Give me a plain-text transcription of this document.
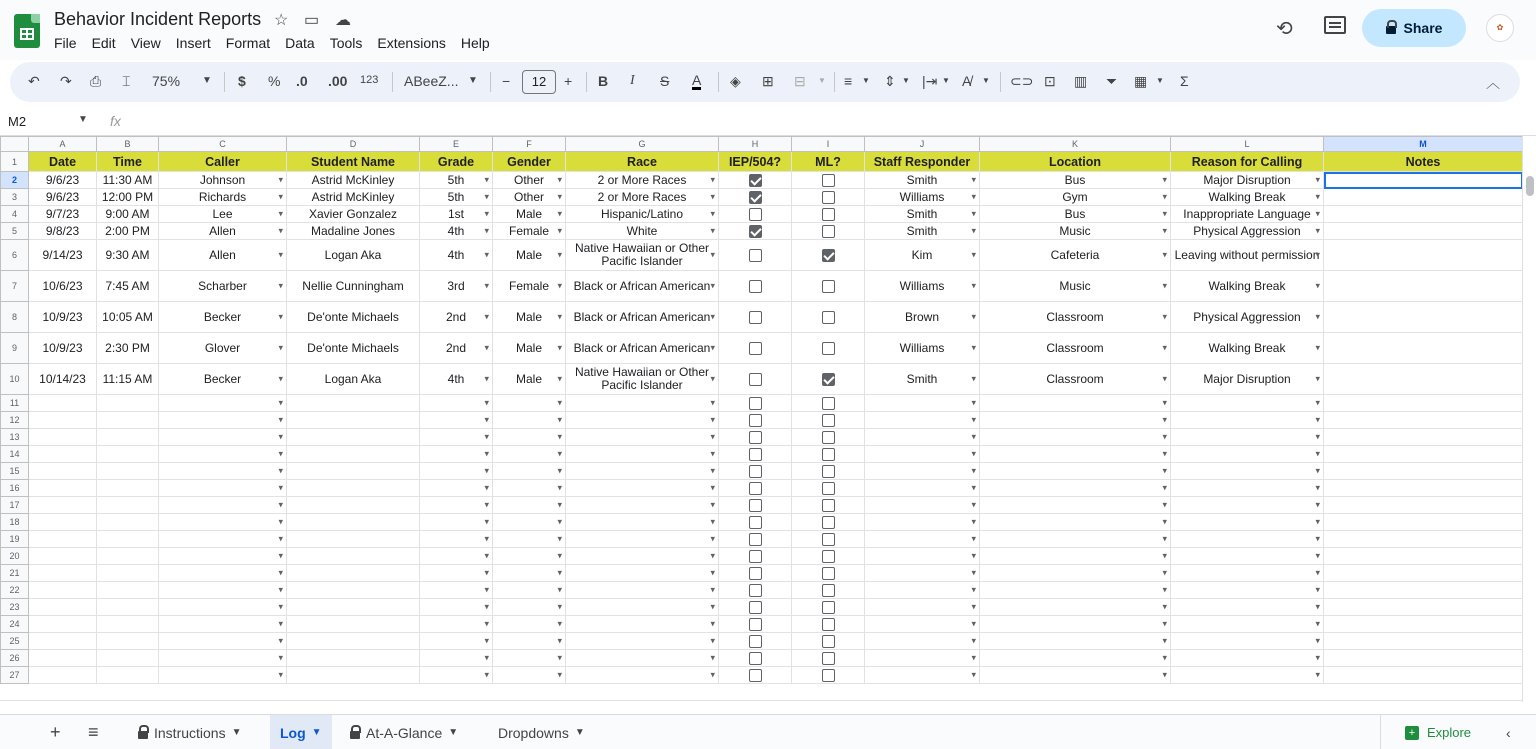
Behavior Incident Reports ☆ ▭ ☁
File	Edit	View	Insert	Format	Data	Tools	Extensions	Help
⟲	Share	✿
↶ ↷ ⎙ ⌶ 75% ▼ $ % .0 .00 123 ABeeZ... ▼ −	12	+ B I S A ◈ ⊞ ⊟ ▼ ≡ ▼ ⇕ ▼ |⇥ ▼ A̸ ▼ ⊂⊃ ⊡ ▥ ⏷ ▦ ▼ Σ	︿
M2	▼ fx
	A	B	C	D	E	F	G	H	I	J	K	L	M
1	Date	Time	Caller	Student Name	Grade	Gender	Race	IEP/504?	ML?	Staff Responder	Location	Reason for Calling	Notes
2	9/6/23	11:30 AM	Johnson ▾	Astrid McKinley	5th ▾	Other ▾	2 or More Races ▾			Smith ▾	Bus ▾	Major Disruption ▾	
3	9/6/23	12:00 PM	Richards ▾	Astrid McKinley	5th ▾	Other ▾	2 or More Races ▾			Williams ▾	Gym ▾	Walking Break ▾	
4	9/7/23	9:00 AM	Lee ▾	Xavier Gonzalez	1st ▾	Male ▾	Hispanic/Latino ▾			Smith ▾	Bus ▾	Inappropriate Language ▾	
5	9/8/23	2:00 PM	Allen ▾	Madaline Jones	4th ▾	Female ▾	White ▾			Smith ▾	Music ▾	Physical Aggression ▾	
6	9/14/23	9:30 AM	Allen ▾	Logan Aka	4th ▾	Male ▾	Native Hawaiian or Other Pacific Islander ▾			Kim ▾	Cafeteria ▾	Leaving without permission ▾	
7	10/6/23	7:45 AM	Scharber ▾	Nellie Cunningham	3rd ▾	Female ▾	Black or African American ▾			Williams ▾	Music ▾	Walking Break ▾	
8	10/9/23	10:05 AM	Becker ▾	De'onte Michaels	2nd ▾	Male ▾	Black or African American ▾			Brown ▾	Classroom ▾	Physical Aggression ▾	
9	10/9/23	2:30 PM	Glover ▾	De'onte Michaels	2nd ▾	Male ▾	Black or African American ▾			Williams ▾	Classroom ▾	Walking Break ▾	
10	10/14/23	11:15 AM	Becker ▾	Logan Aka	4th ▾	Male ▾	Native Hawaiian or Other Pacific Islander ▾			Smith ▾	Classroom ▾	Major Disruption ▾	
11			▾		▾	▾	▾			▾	▾	▾	
12			▾		▾	▾	▾			▾	▾	▾	
13			▾		▾	▾	▾			▾	▾	▾	
14			▾		▾	▾	▾			▾	▾	▾	
15			▾		▾	▾	▾			▾	▾	▾	
16			▾		▾	▾	▾			▾	▾	▾	
17			▾		▾	▾	▾			▾	▾	▾	
18			▾		▾	▾	▾			▾	▾	▾	
19			▾		▾	▾	▾			▾	▾	▾	
20			▾		▾	▾	▾			▾	▾	▾	
21			▾		▾	▾	▾			▾	▾	▾	
22			▾		▾	▾	▾			▾	▾	▾	
23			▾		▾	▾	▾			▾	▾	▾	
24			▾		▾	▾	▾			▾	▾	▾	
25			▾		▾	▾	▾			▾	▾	▾	
26			▾		▾	▾	▾			▾	▾	▾	
27			▾		▾	▾	▾			▾	▾	▾	
+	≡	Instructions ▼	Log ▼	At-A-Glance ▼	Dropdowns ▼	+ Explore	‹
